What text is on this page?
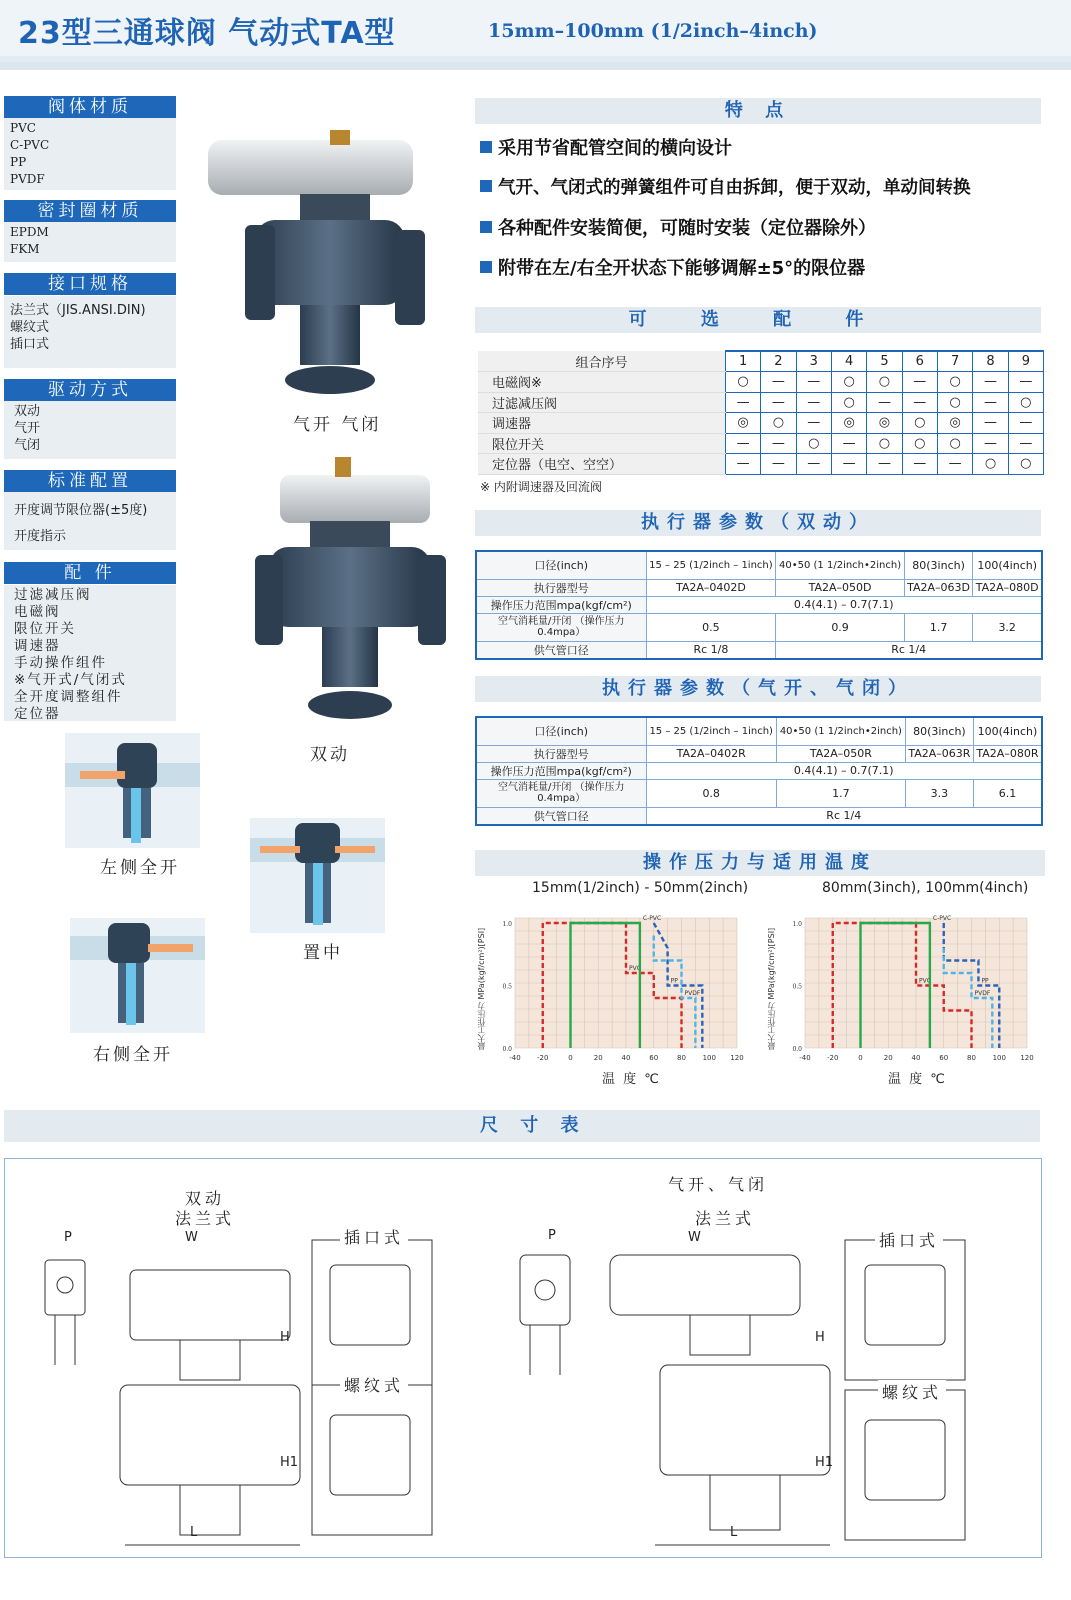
23型三通球阀 气动式TA型	15mm–100mm (1/2inch–4inch)
阀体材质
PVC
C-PVC
PP
PVDF
密封圈材质
EPDM
FKM
接口规格
法兰式（JIS.ANSI.DIN)
螺纹式
插口式
驱动方式
双动
气开
气闭
标准配置
开度调节限位器(±5度)
开度指示
配 件
过滤减压阀
电磁阀
限位开关
调速器
手动操作组件
※气开式/气闭式
全开度调整组件
定位器
气开 气闭
双动
左侧全开
置中
右侧全开
特 点
采用节省配管空间的横向设计
气开、气闭式的弹簧组件可自由拆卸，便于双动，单动间转换
各种配件安装简便，可随时安装（定位器除外）
附带在左/右全开状态下能够调解±5°的限位器
可 选 配 件
组合序号	1	2	3	4	5	6	7	8	9
电磁阀※	○	—	—	○	○	—	○	—	—
过滤减压阀	—	—	—	○	—	—	○	—	○
调速器	◎	○	—	◎	◎	○	◎	—	—
限位开关	—	—	○	—	○	○	○	—	—
定位器（电空、空空）	—	—	—	—	—	—	—	○	○
※ 内附调速器及回流阀
执行器参数（双动）
口径(inch)	15 – 25 (1/2inch – 1inch)	40•50 (1 1/2inch•2inch)	80(3inch)	100(4inch)
执行器型号	TA2A–0402D	TA2A–050D	TA2A–063D	TA2A–080D
操作压力范围mpa(kgf/cm²)	0.4(4.1) – 0.7(7.1)			
空气消耗量/开闭 （操作压力0.4mpa）	0.5	0.9	1.7	3.2
供气管口径	Rc 1/8	Rc 1/4		
执行器参数（气开、气闭）
口径(inch)	15 – 25 (1/2inch – 1inch)	40•50 (1 1/2inch•2inch)	80(3inch)	100(4inch)
执行器型号	TA2A–0402R	TA2A–050R	TA2A–063R	TA2A–080R
操作压力范围mpa(kgf/cm²)	0.4(4.1) – 0.7(7.1)			
空气消耗量/开闭 （操作压力0.4mpa）	0.8	1.7	3.3	6.1
供气管口径	Rc 1/4			
操作压力与适用温度
15mm(1/2inch) - 50mm(2inch)	80mm(3inch), 100mm(4inch)
-40 -20	0	20	40	60	80 100 120
1.0
0.5
0.0
PVC
C-PVC
PP
PVDF
-40 -20	0	20	40	60	80 100 120
1.0
0.5
0.0
PVC
C-PVC
PP
PVDF
温 度 ℃	温 度 ℃
最大工作压力 MPa(kgf/cm²)[PSI]	最大工作压力 MPa(kgf/cm²)[PSI]
尺 寸 表
双动
法兰式
气开、气闭
法兰式
插口式
螺纹式
插口式
螺纹式
P	W
H
H1
L
P	W
H
H1
L
